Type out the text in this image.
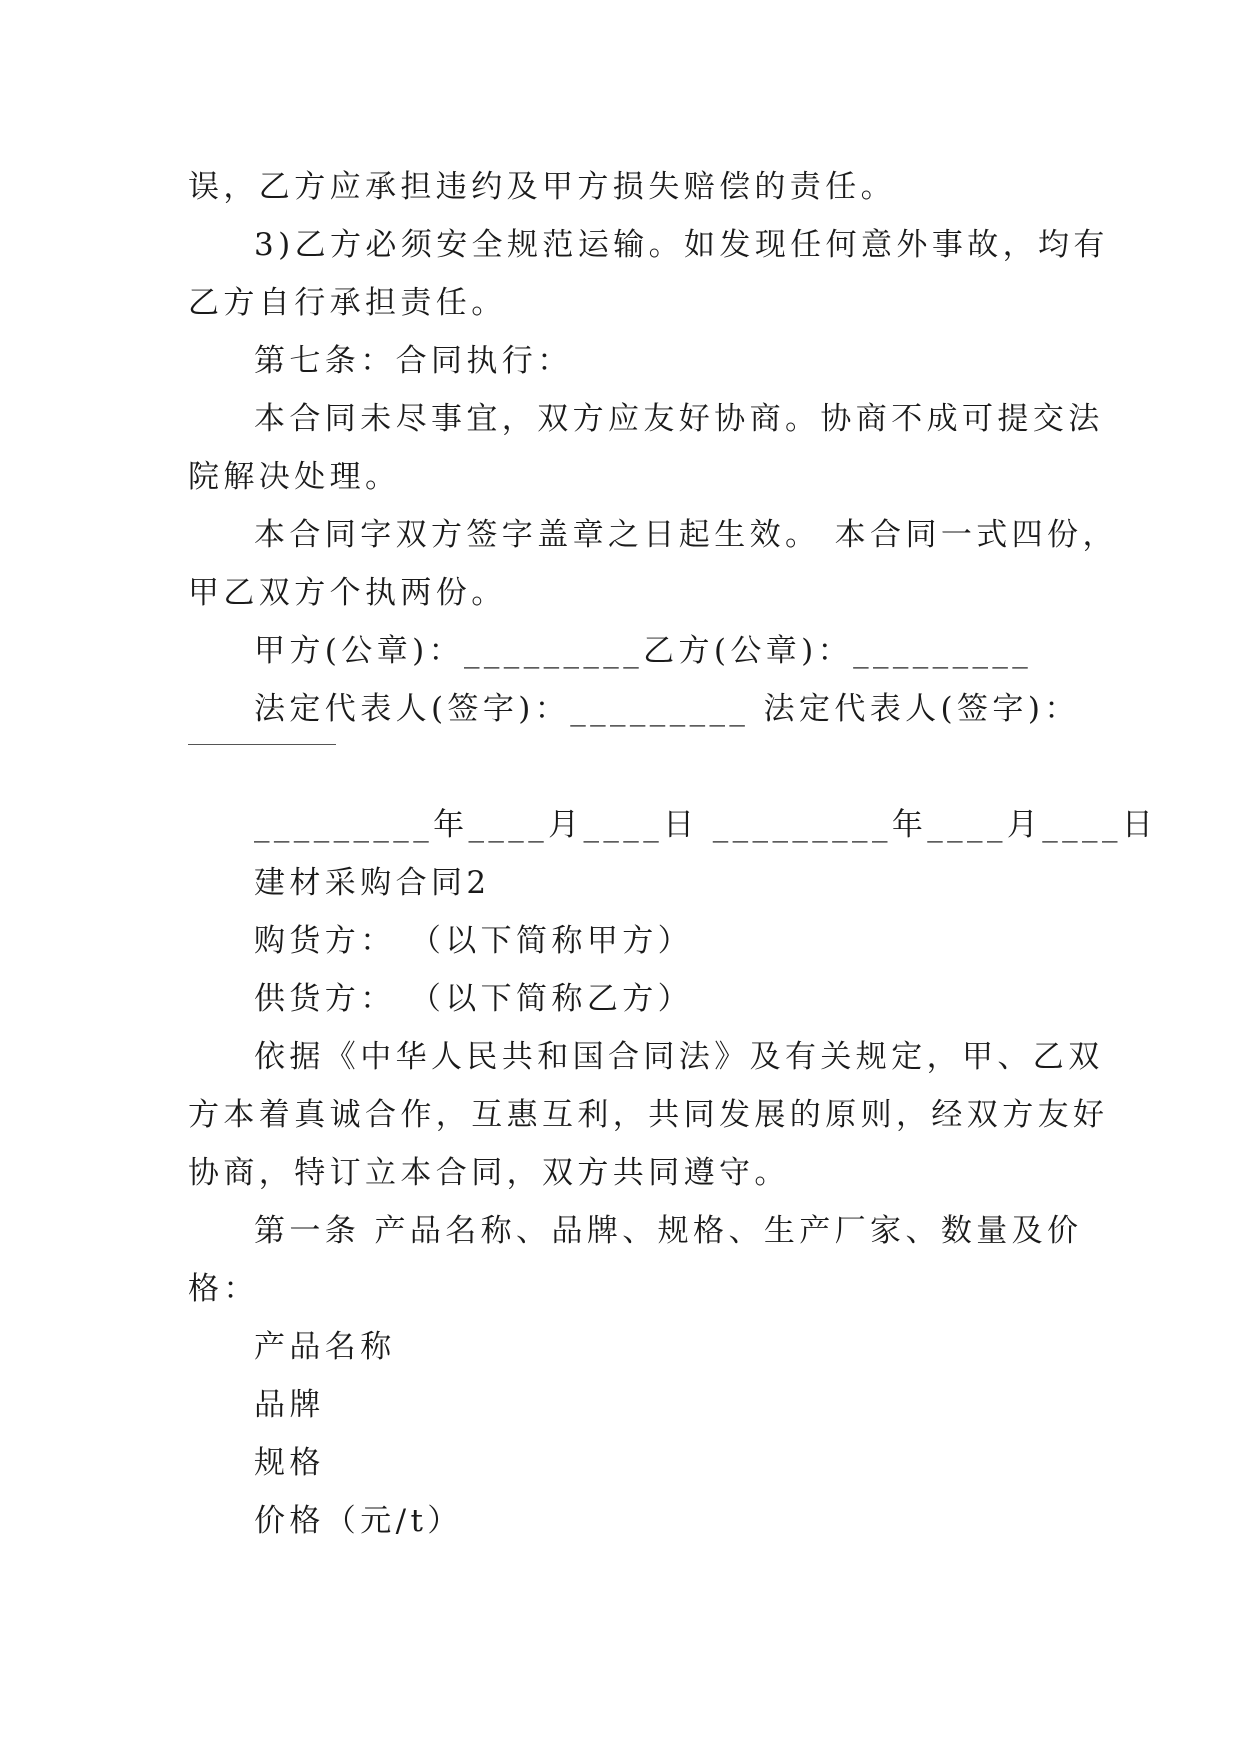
误，乙方应承担违约及甲方损失赔偿的责任。
3)乙方必须安全规范运输。如发现任何意外事故，均有
乙方自行承担责任。
第七条：合同执行：
本合同未尽事宜，双方应友好协商。协商不成可提交法
院解决处理。
本合同字双方签字盖章之日起生效。 本合同一式四份，
甲乙双方个执两份。
甲方(公章)：_________乙方(公章)：_________
法定代表人(签字)：_________ 法定代表人(签字)：
_________年____月____日 _________年____月____日
建材采购合同2
购货方： （以下简称甲方）
供货方： （以下简称乙方）
依据《中华人民共和国合同法》及有关规定，甲、乙双
方本着真诚合作，互惠互利，共同发展的原则，经双方友好
协商，特订立本合同，双方共同遵守。
第一条 产品名称、品牌、规格、生产厂家、数量及价
格：
产品名称
品牌
规格
价格（元/t）
